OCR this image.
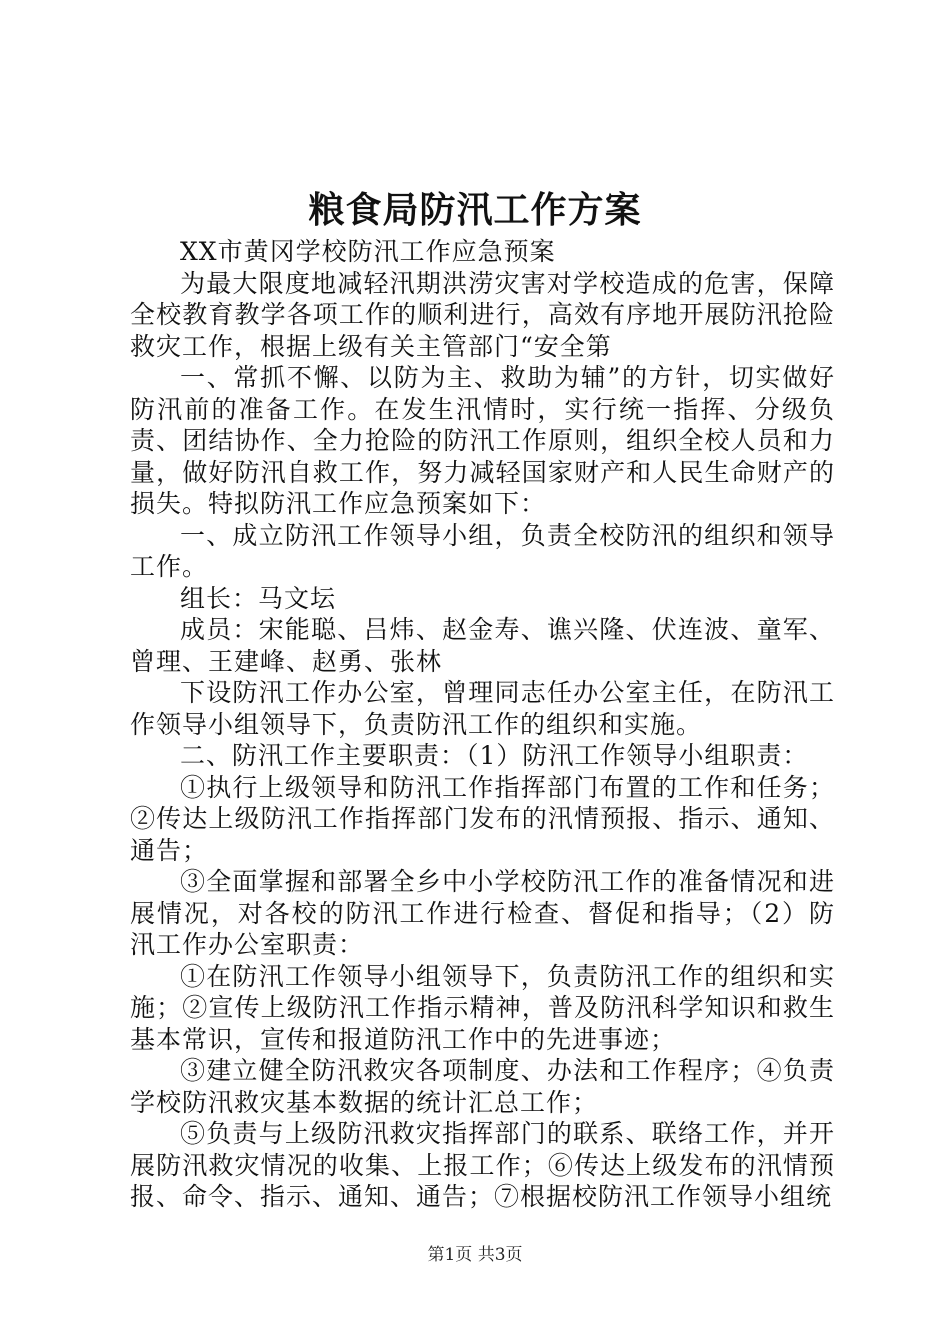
粮食局防汛工作方案

XX市黄冈学校防汛工作应急预案

为最大限度地减轻汛期洪涝灾害对学校造成的危害，保障全校教育教学各项工作的顺利进行，高效有序地开展防汛抢险救灾工作，根据上级有关主管部门“安全第

一、常抓不懈、以防为主、救助为辅”的方针，切实做好防汛前的准备工作。在发生汛情时，实行统一指挥、分级负责、团结协作、全力抢险的防汛工作原则，组织全校人员和力量，做好防汛自救工作，努力减轻国家财产和人民生命财产的损失。特拟防汛工作应急预案如下：

一、成立防汛工作领导小组，负责全校防汛的组织和领导工作。

组长：马文坛

成员：宋能聪、吕炜、赵金寿、谯兴隆、伏连波、童军、曾理、王建峰、赵勇、张林

下设防汛工作办公室，曾理同志任办公室主任，在防汛工作领导小组领导下，负责防汛工作的组织和实施。

二、防汛工作主要职责：（1）防汛工作领导小组职责：

①执行上级领导和防汛工作指挥部门布置的工作和任务；②传达上级防汛工作指挥部门发布的汛情预报、指示、通知、通告；

③全面掌握和部署全乡中小学校防汛工作的准备情况和进展情况，对各校的防汛工作进行检查、督促和指导；（2）防汛工作办公室职责：

①在防汛工作领导小组领导下，负责防汛工作的组织和实施；②宣传上级防汛工作指示精神，普及防汛科学知识和救生基本常识，宣传和报道防汛工作中的先进事迹；

③建立健全防汛救灾各项制度、办法和工作程序；④负责学校防汛救灾基本数据的统计汇总工作；

⑤负责与上级防汛救灾指挥部门的联系、联络工作，并开展防汛救灾情况的收集、上报工作；⑥传达上级发布的汛情预报、命令、指示、通知、通告；⑦根据校防汛工作领导小组统

第1页 共3页
